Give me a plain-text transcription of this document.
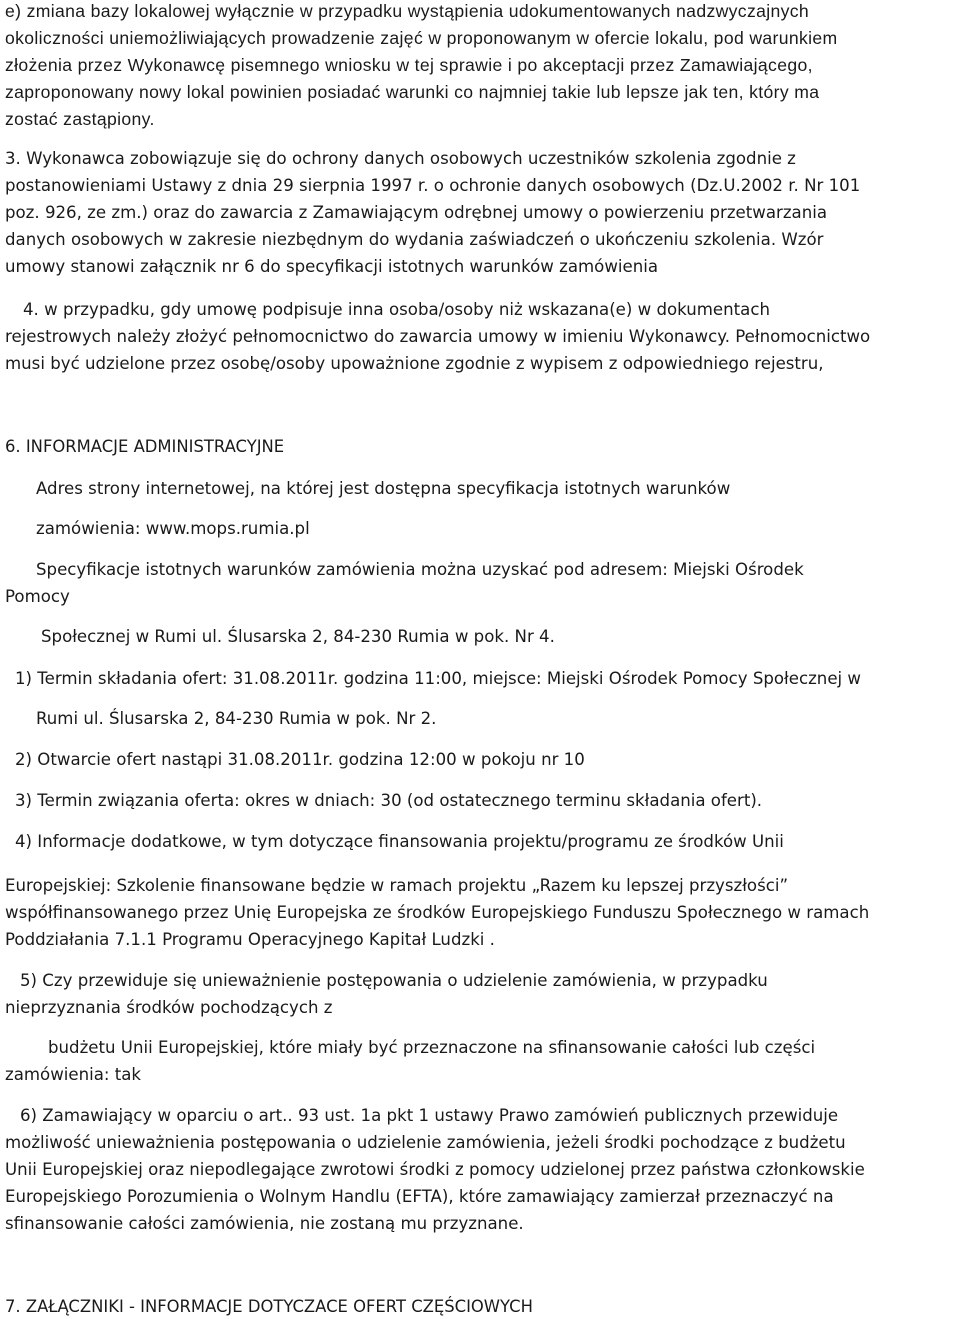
e) zmiana bazy lokalowej wyłącznie w przypadku wystąpienia udokumentowanych nadzwyczajnych
okoliczności uniemożliwiających prowadzenie zajęć w proponowanym w ofercie lokalu, pod warunkiem
złożenia przez Wykonawcę pisemnego wniosku w tej sprawie i po akceptacji przez Zamawiającego,
zaproponowany nowy lokal powinien posiadać warunki co najmniej takie lub lepsze jak ten, który ma
zostać zastąpiony.
3. Wykonawca zobowiązuje się do ochrony danych osobowych uczestników szkolenia zgodnie z
postanowieniami Ustawy z dnia 29 sierpnia 1997 r. o ochronie danych osobowych (Dz.U.2002 r. Nr 101
poz. 926, ze zm.) oraz do zawarcia z Zamawiającym odrębnej umowy o powierzeniu przetwarzania
danych osobowych w zakresie niezbędnym do wydania zaświadczeń o ukończeniu szkolenia. Wzór
umowy stanowi załącznik nr 6 do specyfikacji istotnych warunków zamówienia
4. w przypadku, gdy umowę podpisuje inna osoba/osoby niż wskazana(e) w dokumentach
rejestrowych należy złożyć pełnomocnictwo do zawarcia umowy w imieniu Wykonawcy. Pełnomocnictwo
musi być udzielone przez osobę/osoby upoważnione zgodnie z wypisem z odpowiedniego rejestru,
6. INFORMACJE ADMINISTRACYJNE
Adres strony internetowej, na której jest dostępna specyfikacja istotnych warunków
zamówienia: www.mops.rumia.pl
Specyfikacje istotnych warunków zamówienia można uzyskać pod adresem: Miejski Ośrodek
Pomocy
Społecznej w Rumi ul. Ślusarska 2, 84-230 Rumia w pok. Nr 4.
1) Termin składania ofert: 31.08.2011r. godzina 11:00, miejsce: Miejski Ośrodek Pomocy Społecznej w
Rumi ul. Ślusarska 2, 84-230 Rumia w pok. Nr 2.
2) Otwarcie ofert nastąpi 31.08.2011r. godzina 12:00 w pokoju nr 10
3) Termin związania oferta: okres w dniach: 30 (od ostatecznego terminu składania ofert).
4) Informacje dodatkowe, w tym dotyczące finansowania projektu/programu ze środków Unii
Europejskiej: Szkolenie finansowane będzie w ramach projektu „Razem ku lepszej przyszłości”
współfinansowanego przez Unię Europejska ze środków Europejskiego Funduszu Społecznego w ramach
Poddziałania 7.1.1 Programu Operacyjnego Kapitał Ludzki .
5) Czy przewiduje się unieważnienie postępowania o udzielenie zamówienia, w przypadku
nieprzyznania środków pochodzących z
budżetu Unii Europejskiej, które miały być przeznaczone na sfinansowanie całości lub części
zamówienia: tak
6) Zamawiający w oparciu o art.. 93 ust. 1a pkt 1 ustawy Prawo zamówień publicznych przewiduje
możliwość unieważnienia postępowania o udzielenie zamówienia, jeżeli środki pochodzące z budżetu
Unii Europejskiej oraz niepodlegające zwrotowi środki z pomocy udzielonej przez państwa członkowskie
Europejskiego Porozumienia o Wolnym Handlu (EFTA), które zamawiający zamierzał przeznaczyć na
sfinansowanie całości zamówienia, nie zostaną mu przyznane.
7. ZAŁĄCZNIKI - INFORMACJE DOTYCZACE OFERT CZĘŚCIOWYCH
